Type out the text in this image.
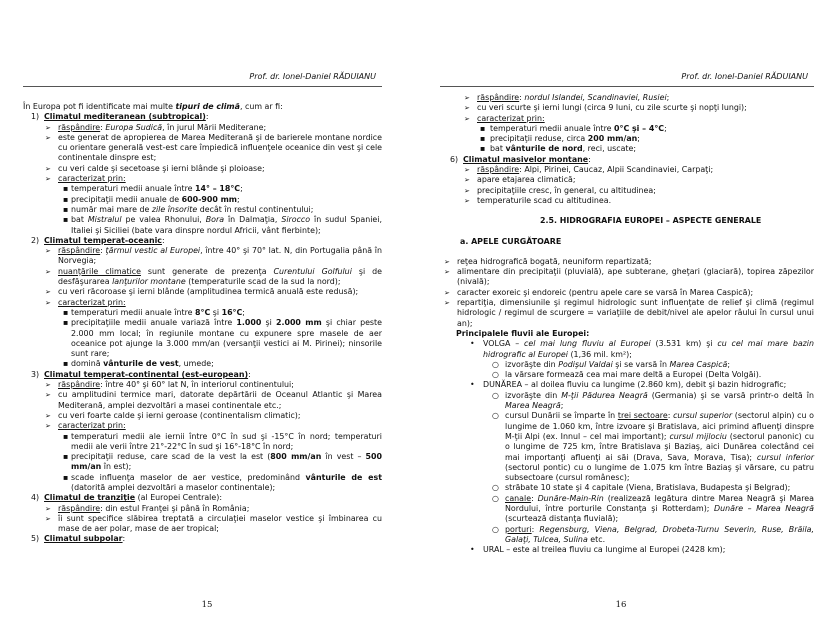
Prof. dr. Ionel-Daniel RĂDUIANU

În Europa pot fi identificate mai multe tipuri de climă, cum ar fi:

1) Climatul mediteranean (subtropical):
➢ răspândire: Europa Sudică, în jurul Mării Mediterane;
➢ este generat de apropierea de Marea Mediterană şi de barierele montane nordice cu orientare generală vest-est care împiedică influenţele oceanice din vest şi cele continentale dinspre est;
➢ cu veri calde şi secetoase şi ierni blânde şi ploioase;
➢ caracterizat prin:
▪ temperaturi medii anuale între 14° – 18°C;
▪ precipitaţii medii anuale de 600-900 mm;
▪ număr mai mare de zile însorite decât în restul continentului;
▪ bat Mistralul pe valea Rhonului, Bora în Dalmaţia, Sirocco în sudul Spaniei, Italiei şi Siciliei (bate vara dinspre nordul Africii, vânt fierbinte);
2) Climatul temperat-oceanic:
➢ răspândire: ţărmul vestic al Europei, între 40° şi 70° lat. N, din Portugalia până în Norvegia;
➢ nuanţările climatice sunt generate de prezenţa Curentului Golfului şi de desfăşurarea lanţurilor montane (temperaturile scad de la sud la nord);
➢ cu veri răcoroase şi ierni blânde (amplitudinea termică anuală este redusă);
➢ caracterizat prin:
▪ temperaturi medii anuale între 8°C şi 16°C;
▪ precipitaţiile medii anuale variază între 1.000 şi 2.000 mm şi chiar peste 2.000 mm local; în regiunile montane cu expunere spre masele de aer oceanice pot ajunge la 3.000 mm/an (versanţii vestici ai M. Pirinei); ninsorile sunt rare;
▪ domină vânturile de vest, umede;
3) Climatul temperat-continental (est-european):
➢ răspândire: între 40° şi 60° lat N, în interiorul continentului;
➢ cu amplitudini termice mari, datorate depărtării de Oceanul Atlantic şi Marea Mediterană, amplei dezvoltări a masei continentale etc.;
➢ cu veri foarte calde şi ierni geroase (continentalism climatic);
➢ caracterizat prin:
▪ temperaturi medii ale iernii între 0°C în sud şi -15°C în nord; temperaturi medii ale verii între 21°-22°C în sud şi 16°-18°C în nord;
▪ precipitaţii reduse, care scad de la vest la est (800 mm/an în vest – 500 mm/an în est);
▪ scade influenţa maselor de aer vestice, predominând vânturile de est (datorită amplei dezvoltări a maselor continentale);
4) Climatul de tranziţie (al Europei Centrale):
➢ răspândire: din estul Franţei şi până în România;
➢ îi sunt specifice slăbirea treptată a circulaţiei maselor vestice şi îmbinarea cu mase de aer polar, mase de aer tropical;
5) Climatul subpolar:
15
Prof. dr. Ionel-Daniel RĂDUIANU
➢ răspândire: nordul Islandei, Scandinaviei, Rusiei;
➢ cu veri scurte şi ierni lungi (circa 9 luni, cu zile scurte şi nopţi lungi);
➢ caracterizat prin:
▪ temperaturi medii anuale între 0°C şi – 4°C;
▪ precipitaţii reduse, circa 200 mm/an;
▪ bat vânturile de nord, reci, uscate;
6) Climatul masivelor montane:
➢ răspândire: Alpi, Pirinei, Caucaz, Alpii Scandinaviei, Carpaţi;
➢ apare etajarea climatică;
➢ precipitaţiile cresc, în general, cu altitudinea;
➢ temperaturile scad cu altitudinea.
2.5. HIDROGRAFIA EUROPEI – ASPECTE GENERALE
a. APELE CURGĂTOARE
➢ reţea hidrografică bogată, neuniform repartizată;
➢ alimentare din precipitaţii (pluvială), ape subterane, gheţari (glaciară), topirea zăpezilor (nivală);
➢ caracter exoreic şi endoreic (pentru apele care se varsă în Marea Caspică);
➢ repartiţia, dimensiunile şi regimul hidrologic sunt influenţate de relief şi climă (regimul hidrologic / regimul de scurgere = variaţiile de debit/nivel ale apelor râului în cursul unui an);
Principalele fluvii ale Europei:
•	VOLGA – cel mai lung fluviu al Europei (3.531 km) şi cu cel mai mare bazin hidrografic al Europei (1,36 mil. km²);
○ izvorăşte din Podişul Valdai şi se varsă în Marea Caspică;
○ la vărsare formează cea mai mare deltă a Europei (Delta Volgăi).
•	DUNĂREA – al doilea fluviu ca lungime (2.860 km), debit şi bazin hidrografic;
○ izvorăşte din M-ţii Pădurea Neagră (Germania) şi se varsă printr-o deltă în Marea Neagră;
○ cursul Dunării se împarte în trei sectoare: cursul superior (sectorul alpin) cu o lungime de 1.060 km, între izvoare şi Bratislava, aici primind afluenţi dinspre M-ţii Alpi (ex. Innul – cel mai important); cursul mijlociu (sectorul panonic) cu o lungime de 725 km, între Bratislava şi Baziaş, aici Dunărea colectând cei mai importanţi afluenţi ai săi (Drava, Sava, Morava, Tisa); cursul inferior (sectorul pontic) cu o lungime de 1.075 km între Baziaş şi vărsare, cu patru subsectoare (cursul românesc);
○ străbate 10 state şi 4 capitale (Viena, Bratislava, Budapesta şi Belgrad);
○ canale: Dunăre-Main-Rin (realizează legătura dintre Marea Neagră şi Marea Nordului, între porturile Constanţa şi Rotterdam); Dunăre – Marea Neagră (scurtează distanţa fluvială);
○ porturi: Regensburg, Viena, Belgrad, Drobeta-Turnu Severin, Ruse, Brăila, Galaţi, Tulcea, Sulina etc.
•	URAL – este al treilea fluviu ca lungime al Europei (2428 km);
16
